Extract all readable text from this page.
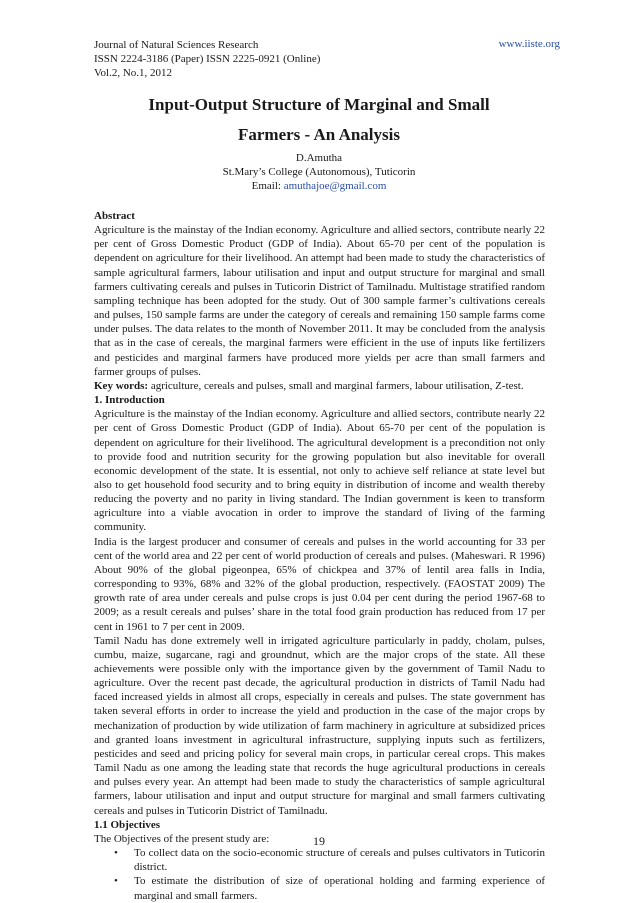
Journal of Natural Sciences Research	www.iiste.org
ISSN 2224-3186 (Paper) ISSN 2225-0921 (Online)
Vol.2, No.1, 2012
Input-Output Structure of Marginal and Small
Farmers - An Analysis
D.Amutha
St.Mary’s College (Autonomous), Tuticorin
Email: amuthajoe@gmail.com

Abstract

Agriculture is the mainstay of the Indian economy. Agriculture and allied sectors, contribute nearly 22 per cent of Gross Domestic Product (GDP of India). About 65-70 per cent of the population is dependent on agriculture for their livelihood. An attempt had been made to study the characteristics of sample agricultural farmers, labour utilisation and input and output structure for marginal and small farmers cultivating cereals and pulses in Tuticorin District of Tamilnadu. Multistage stratified random sampling technique has been adopted for the study. Out of 300 sample farmer’s cultivations cereals and pulses, 150 sample farms are under the category of cereals and remaining 150 sample farms come under pulses. The data relates to the month of November 2011. It may be concluded from the analysis that as in the case of cereals, the marginal farmers were efficient in the use of inputs like fertilizers and pesticides and marginal farmers have produced more yields per acre than small farmers and farmer groups of pulses.

Key words: agriculture, cereals and pulses, small and marginal farmers, labour utilisation, Z-test.

1. Introduction

Agriculture is the mainstay of the Indian economy. Agriculture and allied sectors, contribute nearly 22 per cent of Gross Domestic Product (GDP of India). About 65-70 per cent of the population is dependent on agriculture for their livelihood. The agricultural development is a precondition not only to provide food and nutrition security for the growing population but also inevitable for overall economic development of the state. It is essential, not only to achieve self reliance at state level but also to get household food security and to bring equity in distribution of income and wealth thereby reducing the poverty and no parity in living standard. The Indian government is keen to transform agriculture into a viable avocation in order to improve the standard of living of the farming community.

India is the largest producer and consumer of cereals and pulses in the world accounting for 33 per cent of the world area and 22 per cent of world production of cereals and pulses. (Maheswari. R 1996) About 90% of the global pigeonpea, 65% of chickpea and 37% of lentil area falls in India, corresponding to 93%, 68% and 32% of the global production, respectively. (FAOSTAT 2009) The growth rate of area under cereals and pulse crops is just 0.04 per cent during the period 1967-68 to 2009; as a result cereals and pulses’ share in the total food grain production has reduced from 17 per cent in 1961 to 7 per cent in 2009.

Tamil Nadu has done extremely well in irrigated agriculture particularly in paddy, cholam, pulses, cumbu, maize, sugarcane, ragi and groundnut, which are the major crops of the state. All these achievements were possible only with the importance given by the government of Tamil Nadu to agriculture. Over the recent past decade, the agricultural production in districts of Tamil Nadu had faced increased yields in almost all crops, especially in cereals and pulses. The state government has taken several efforts in order to increase the yield and production in the case of the major crops by mechanization of production by wide utilization of farm machinery in agriculture at subsidized prices and granted loans investment in agricultural infrastructure, supplying inputs such as fertilizers, pesticides and seed and pricing policy for several main crops, in particular cereal crops. This makes Tamil Nadu as one among the leading state that records the huge agricultural productions in cereals and pulses every year. An attempt had been made to study the characteristics of sample agricultural farmers, labour utilisation and input and output structure for marginal and small farmers cultivating cereals and pulses in Tuticorin District of Tamilnadu.

1.1 Objectives

The Objectives of the present study are:

• To collect data on the socio-economic structure of cereals and pulses cultivators in Tuticorin district.
• To estimate the distribution of size of operational holding and farming experience of marginal and small farmers.
19
